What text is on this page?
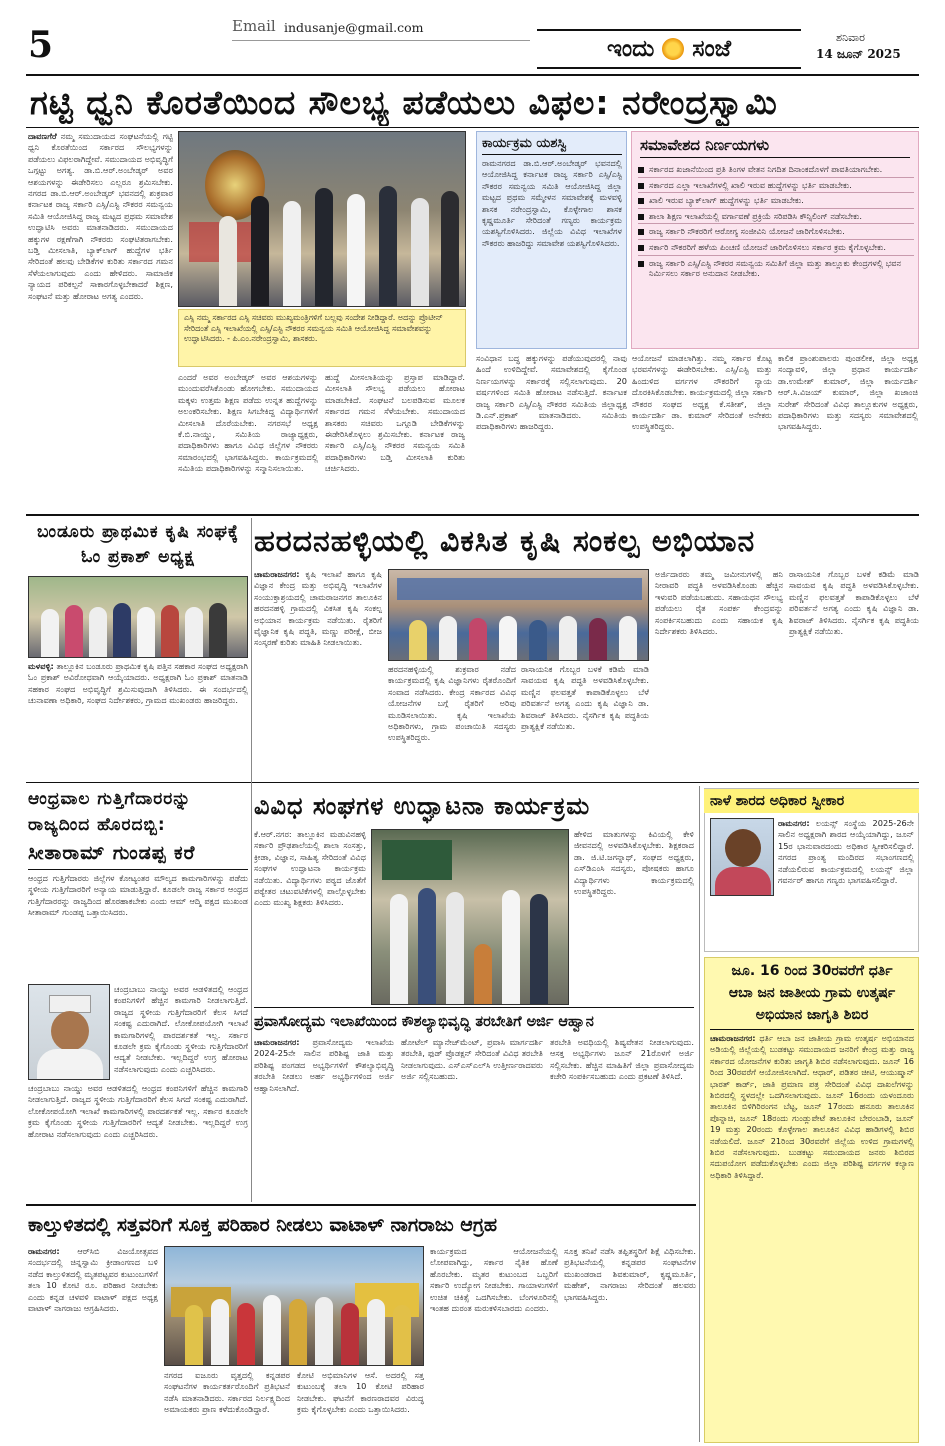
5	Email indusanje@gmail.com
ಇಂದು ಸಂಜೆ	ಶನಿವಾರ
14 ಜೂನ್ 2025
ಗಟ್ಟಿ ಧ್ವನಿ ಕೊರತೆಯಿಂದ ಸೌಲಭ್ಯ ಪಡೆಯಲು ವಿಫಲ: ನರೇಂದ್ರಸ್ವಾಮಿ
ದಾವಣಗೆರೆ ನಮ್ಮ ಸಮುದಾಯದ ಸಂಘಟನೆಯಲ್ಲಿ ಗಟ್ಟಿ ಧ್ವನಿ ಕೊರತೆಯಿಂದ ಸರ್ಕಾರದ ಸೌಲಭ್ಯಗಳನ್ನು ಪಡೆಯಲು ವಿಫಲರಾಗಿದ್ದೇವೆ. ಸಮುದಾಯದ ಅಭಿವೃದ್ಧಿಗೆ ಒಗ್ಗಟ್ಟು ಅಗತ್ಯ. ಡಾ.ಬಿ.ಆರ್.ಅಂಬೇಡ್ಕರ್ ಅವರ ಆಶಯಗಳನ್ನು ಈಡೇರಿಸಲು ಎಲ್ಲರೂ ಶ್ರಮಿಸಬೇಕು. ನಗರದ ಡಾ.ಬಿ.ಆರ್.ಅಂಬೇಡ್ಕರ್ ಭವನದಲ್ಲಿ ಶುಕ್ರವಾರ ಕರ್ನಾಟಕ ರಾಜ್ಯ ಸರ್ಕಾರಿ ಎಸ್ಸಿ/ಎಸ್ಟಿ ನೌಕರರ ಸಮನ್ವಯ ಸಮಿತಿ ಆಯೋಜಿಸಿದ್ದ ರಾಜ್ಯ ಮಟ್ಟದ ಪ್ರಥಮ ಸಮಾವೇಶ ಉದ್ಘಾಟಿಸಿ ಅವರು ಮಾತನಾಡಿದರು. ಸಮುದಾಯದ ಹಕ್ಕುಗಳ ರಕ್ಷಣೆಗಾಗಿ ನೌಕರರು ಸಂಘಟಿತರಾಗಬೇಕು. ಬಡ್ತಿ ಮೀಸಲಾತಿ, ಬ್ಯಾಕ್‌ಲಾಗ್ ಹುದ್ದೆಗಳ ಭರ್ತಿ ಸೇರಿದಂತೆ ಹಲವು ಬೇಡಿಕೆಗಳ ಕುರಿತು ಸರ್ಕಾರದ ಗಮನ ಸೆಳೆಯಲಾಗುವುದು ಎಂದು ಹೇಳಿದರು. ಸಾಮಾಜಿಕ ನ್ಯಾಯದ ಪರಿಕಲ್ಪನೆ ಸಾಕಾರಗೊಳ್ಳಬೇಕಾದರೆ ಶಿಕ್ಷಣ, ಸಂಘಟನೆ ಮತ್ತು ಹೋರಾಟ ಅಗತ್ಯ ಎಂದರು.
ಎಸ್ಸಿ ನಮ್ಮ ಸರ್ಕಾರದ ಎಸ್ಸಿ ಸಚಿವರು ಮುಖ್ಯಮಂತ್ರಿಗಳಿಗೆ ಬಲ್ಲವು ಸಂದೇಶ ನೀಡಿದ್ದಾರೆ. ಅದನ್ನು ಪ್ರೊಟೀನ್ ಸೇರಿದಂತೆ ಎಸ್ಸಿ ಇಲಾಖೆಯಲ್ಲಿ ಎಸ್ಸಿ/ಎಸ್ಟಿ ನೌಕರರ ಸಮನ್ವಯ ಸಮಿತಿ ಆಯೋಜಿಸಿದ್ದ ಸಮಾವೇಶವನ್ನು ಉದ್ಘಾಟಿಸಿದರು. - ಪಿ.ಎಂ.ನರೇಂದ್ರಸ್ವಾಮಿ, ಶಾಸಕರು.
ಎಂದರೆ ಅವರ ಅಂಬೇಡ್ಕರ್ ಅವರ ಆಶಯಗಳನ್ನು ಮುಂದುವರೆಸಿಕೊಂಡು ಹೋಗಬೇಕು. ಸಮುದಾಯದ ಮಕ್ಕಳು ಉತ್ತಮ ಶಿಕ್ಷಣ ಪಡೆದು ಉನ್ನತ ಹುದ್ದೆಗಳನ್ನು ಅಲಂಕರಿಸಬೇಕು. ಶಿಕ್ಷಣ ಸಿಗಬೇಕಿದ್ದ ವಿದ್ಯಾರ್ಥಿಗಳಿಗೆ ಮೀಸಲಾತಿ ದೊರೆಯಬೇಕು. ನಗರಸಭೆ ಅಧ್ಯಕ್ಷ ಕೆ.ಬಿ.ನಾಯ್ಡು, ಸಮಿತಿಯ ರಾಜ್ಯಾಧ್ಯಕ್ಷರು, ಪದಾಧಿಕಾರಿಗಳು ಹಾಗೂ ವಿವಿಧ ಜಿಲ್ಲೆಗಳ ನೌಕರರು ಸಮಾರಂಭದಲ್ಲಿ ಭಾಗವಹಿಸಿದ್ದರು. ಕಾರ್ಯಕ್ರಮದಲ್ಲಿ ಸಮಿತಿಯ ಪದಾಧಿಕಾರಿಗಳನ್ನು ಸನ್ಮಾನಿಸಲಾಯಿತು.
ಹುದ್ದೆ ಮೀಸಲಾತಿಯನ್ನು ಪ್ರಸ್ತಾಪ ಮಾಡಿದ್ದಾರೆ. ಮೀಸಲಾತಿ ಸೌಲಭ್ಯ ಪಡೆಯಲು ಹೋರಾಟ ಮಾಡಬೇಕಿದೆ. ಸಂಘಟನೆ ಬಲಪಡಿಸುವ ಮೂಲಕ ಸರ್ಕಾರದ ಗಮನ ಸೆಳೆಯಬೇಕು. ಸಮುದಾಯದ ಶಾಸಕರು ಸಚಿವರು ಒಗ್ಗೂಡಿ ಬೇಡಿಕೆಗಳನ್ನು ಈಡೇರಿಸಿಕೊಳ್ಳಲು ಶ್ರಮಿಸಬೇಕು. ಕರ್ನಾಟಕ ರಾಜ್ಯ ಸರ್ಕಾರಿ ಎಸ್ಸಿ/ಎಸ್ಟಿ ನೌಕರರ ಸಮನ್ವಯ ಸಮಿತಿ ಪದಾಧಿಕಾರಿಗಳು ಬಡ್ತಿ ಮೀಸಲಾತಿ ಕುರಿತು ಚರ್ಚಿಸಿದರು.
ಕಾರ್ಯಕ್ರಮ ಯಶಸ್ವಿ
ರಾಮನಗರದ ಡಾ.ಬಿ.ಆರ್.ಅಂಬೇಡ್ಕರ್ ಭವನದಲ್ಲಿ ಆಯೋಜಿಸಿದ್ದ ಕರ್ನಾಟಕ ರಾಜ್ಯ ಸರ್ಕಾರಿ ಎಸ್ಸಿ/ಎಸ್ಟಿ ನೌಕರರ ಸಮನ್ವಯ ಸಮಿತಿ ಆಯೋಜಿಸಿದ್ದ ಜಿಲ್ಲಾ ಮಟ್ಟದ ಪ್ರಥಮ ಸಮ್ಮೇಳನ ಸಮಾವೇಶಕ್ಕೆ ಮಳವಳ್ಳಿ ಶಾಸಕ ನರೇಂದ್ರಸ್ವಾಮಿ, ಕೊಳ್ಳೇಗಾಲ ಶಾಸಕ ಕೃಷ್ಣಮೂರ್ತಿ ಸೇರಿದಂತೆ ಗಣ್ಯರು ಕಾರ್ಯಕ್ರಮ ಯಶಸ್ವಿಗೊಳಿಸಿದರು. ಜಿಲ್ಲೆಯ ವಿವಿಧ ಇಲಾಖೆಗಳ ನೌಕರರು ಹಾಜರಿದ್ದು ಸಮಾವೇಶ ಯಶಸ್ವಿಗೊಳಿಸಿದರು.
ಸಮಾವೇಶದ ನಿರ್ಣಯಗಳು
ಸರ್ಕಾರದ ಖಜಾನೆಯಿಂದ ಪ್ರತಿ ತಿಂಗಳ ವೇತನ ನಿಗದಿತ ದಿನಾಂಕದೊಳಗೆ ಪಾವತಿಯಾಗಬೇಕು.
ಸರ್ಕಾರದ ಎಲ್ಲಾ ಇಲಾಖೆಗಳಲ್ಲಿ ಖಾಲಿ ಇರುವ ಹುದ್ದೆಗಳನ್ನು ಭರ್ತಿ ಮಾಡಬೇಕು.
ಖಾಲಿ ಇರುವ ಬ್ಯಾಕ್‌ಲಾಗ್ ಹುದ್ದೆಗಳನ್ನು ಭರ್ತಿ ಮಾಡಬೇಕು.
ಶಾಲಾ ಶಿಕ್ಷಣ ಇಲಾಖೆಯಲ್ಲಿ ವರ್ಗಾವಣೆ ಪ್ರಕ್ರಿಯೆ ಸರಿಪಡಿಸಿ ಕೌನ್ಸಿಲಿಂಗ್ ನಡೆಸಬೇಕು.
ರಾಜ್ಯ ಸರ್ಕಾರಿ ನೌಕರರಿಗೆ ಆರೋಗ್ಯ ಸಂಜೀವಿನಿ ಯೋಜನೆ ಜಾರಿಗೊಳಿಸಬೇಕು.
ಸರ್ಕಾರಿ ನೌಕರರಿಗೆ ಹಳೆಯ ಪಿಂಚಣಿ ಯೋಜನೆ ಜಾರಿಗೊಳಿಸಲು ಸರ್ಕಾರ ಕ್ರಮ ಕೈಗೊಳ್ಳಬೇಕು.
ರಾಜ್ಯ ಸರ್ಕಾರಿ ಎಸ್ಸಿ/ಎಸ್ಟಿ ನೌಕರರ ಸಮನ್ವಯ ಸಮಿತಿಗೆ ಜಿಲ್ಲಾ ಮತ್ತು ತಾಲ್ಲೂಕು ಕೇಂದ್ರಗಳಲ್ಲಿ ಭವನ ನಿರ್ಮಿಸಲು ಸರ್ಕಾರ ಅನುದಾನ ನೀಡಬೇಕು.
ಸಂವಿಧಾನ ಬದ್ಧ ಹಕ್ಕುಗಳನ್ನು ಪಡೆಯುವುದರಲ್ಲಿ ನಾವು ಹಿಂದೆ ಉಳಿದಿದ್ದೇವೆ. ಸಮಾವೇಶದಲ್ಲಿ ಕೈಗೊಂಡ ನಿರ್ಣಯಗಳನ್ನು ಸರ್ಕಾರಕ್ಕೆ ಸಲ್ಲಿಸಲಾಗುವುದು. 20 ವರ್ಷಗಳಿಂದ ಸಮಿತಿ ಹೋರಾಟ ನಡೆಸುತ್ತಿದೆ. ಕರ್ನಾಟಕ ರಾಜ್ಯ ಸರ್ಕಾರಿ ಎಸ್ಸಿ/ಎಸ್ಟಿ ನೌಕರರ ಸಮಿತಿಯ ಜಿಲ್ಲಾಧ್ಯಕ್ಷ ಡಿ.ಎನ್.ಪ್ರಕಾಶ್ ಮಾತನಾಡಿದರು. ಸಮಿತಿಯ ಪದಾಧಿಕಾರಿಗಳು ಹಾಜರಿದ್ದರು.
ಆಯೋಜನೆ ಮಾಡಲಾಗಿತ್ತು. ನಮ್ಮ ಸರ್ಕಾರ ಕೊಟ್ಟ ಭರವಸೆಗಳನ್ನು ಈಡೇರಿಸಬೇಕು. ಎಸ್ಸಿ/ಎಸ್ಟಿ ಮತ್ತು ಹಿಂದುಳಿದ ವರ್ಗಗಳ ನೌಕರರಿಗೆ ನ್ಯಾಯ ದೊರಕಿಸಿಕೊಡಬೇಕು. ಕಾರ್ಯಕ್ರಮದಲ್ಲಿ ಜಿಲ್ಲಾ ಸರ್ಕಾರಿ ನೌಕರರ ಸಂಘದ ಅಧ್ಯಕ್ಷ ಕೆ.ಸತೀಶ್, ಜಿಲ್ಲಾ ಕಾರ್ಯದರ್ಶಿ ಡಾ. ಕುಮಾರ್ ಸೇರಿದಂತೆ ಅನೇಕರು ಉಪಸ್ಥಿತರಿದ್ದರು.
ಕಾಲಿಕ ಪ್ರಾಂಶುಪಾಲರು ಪುಂಡಲೀಕ, ಜಿಲ್ಲಾ ಅಧ್ಯಕ್ಷ ಸಂದ್ಯಾವಳಿ, ಜಿಲ್ಲಾ ಪ್ರಧಾನ ಕಾರ್ಯದರ್ಶಿ ಡಾ.ಉಮೇಶ್ ಕುಮಾರ್, ಜಿಲ್ಲಾ ಕಾರ್ಯದರ್ಶಿ ಆರ್.ಸಿ.ವಿಜಯ್ ಕುಮಾರ್, ಜಿಲ್ಲಾ ಖಜಾಂಚಿ ಸುರೇಶ್ ಸೇರಿದಂತೆ ವಿವಿಧ ತಾಲ್ಲೂಕುಗಳ ಅಧ್ಯಕ್ಷರು, ಪದಾಧಿಕಾರಿಗಳು ಮತ್ತು ಸದಸ್ಯರು ಸಮಾವೇಶದಲ್ಲಿ ಭಾಗವಹಿಸಿದ್ದರು.
ಬಂಡೂರು ಪ್ರಾಥಮಿಕ ಕೃಷಿ ಸಂಘಕ್ಕೆ ಓಂ ಪ್ರಕಾಶ್ ಅಧ್ಯಕ್ಷ
ಮಳವಳ್ಳಿ: ತಾಲ್ಲೂಕಿನ ಬಂಡೂರು ಪ್ರಾಥಮಿಕ ಕೃಷಿ ಪತ್ತಿನ ಸಹಕಾರ ಸಂಘದ ಅಧ್ಯಕ್ಷರಾಗಿ ಓಂ ಪ್ರಕಾಶ್ ಅವಿರೋಧವಾಗಿ ಆಯ್ಕೆಯಾದರು. ಅಧ್ಯಕ್ಷರಾಗಿ ಓಂ ಪ್ರಕಾಶ್ ಮಾತನಾಡಿ ಸಹಕಾರ ಸಂಘದ ಅಭಿವೃದ್ಧಿಗೆ ಶ್ರಮಿಸುವುದಾಗಿ ತಿಳಿಸಿದರು. ಈ ಸಂದರ್ಭದಲ್ಲಿ ಚುನಾವಣಾ ಅಧಿಕಾರಿ, ಸಂಘದ ನಿರ್ದೇಶಕರು, ಗ್ರಾಮದ ಮುಖಂಡರು ಹಾಜರಿದ್ದರು.
ಹರದನಹಳ್ಳಿಯಲ್ಲಿ ವಿಕಸಿತ ಕೃಷಿ ಸಂಕಲ್ಪ ಅಭಿಯಾನ
ಚಾಮರಾಜನಗರ: ಕೃಷಿ ಇಲಾಖೆ ಹಾಗೂ ಕೃಷಿ ವಿಜ್ಞಾನ ಕೇಂದ್ರ ಮತ್ತು ಅಭಿವೃದ್ಧಿ ಇಲಾಖೆಗಳ ಸಂಯುಕ್ತಾಶ್ರಯದಲ್ಲಿ ಚಾಮರಾಜನಗರ ತಾಲೂಕಿನ ಹರದನಹಳ್ಳಿ ಗ್ರಾಮದಲ್ಲಿ ವಿಕಸಿತ ಕೃಷಿ ಸಂಕಲ್ಪ ಅಭಿಯಾನ ಕಾರ್ಯಕ್ರಮ ನಡೆಯಿತು. ರೈತರಿಗೆ ವೈಜ್ಞಾನಿಕ ಕೃಷಿ ಪದ್ಧತಿ, ಮಣ್ಣು ಪರೀಕ್ಷೆ, ಬೀಜ ಸಂಸ್ಕರಣೆ ಕುರಿತು ಮಾಹಿತಿ ನೀಡಲಾಯಿತು.
ಹರದನಹಳ್ಳಿಯಲ್ಲಿ ಶುಕ್ರವಾರ ನಡೆದ ಕಾರ್ಯಕ್ರಮದಲ್ಲಿ ಕೃಷಿ ವಿಜ್ಞಾನಿಗಳು ರೈತರೊಂದಿಗೆ ಸಂವಾದ ನಡೆಸಿದರು. ಕೇಂದ್ರ ಸರ್ಕಾರದ ವಿವಿಧ ಯೋಜನೆಗಳ ಬಗ್ಗೆ ರೈತರಿಗೆ ಅರಿವು ಮೂಡಿಸಲಾಯಿತು. ಕೃಷಿ ಇಲಾಖೆಯ ಅಧಿಕಾರಿಗಳು, ಗ್ರಾಮ ಪಂಚಾಯಿತಿ ಸದಸ್ಯರು ಉಪಸ್ಥಿತರಿದ್ದರು.
ರಾಸಾಯನಿಕ ಗೊಬ್ಬರ ಬಳಕೆ ಕಡಿಮೆ ಮಾಡಿ ಸಾವಯವ ಕೃಷಿ ಪದ್ಧತಿ ಅಳವಡಿಸಿಕೊಳ್ಳಬೇಕು. ಮಣ್ಣಿನ ಫಲವತ್ತತೆ ಕಾಪಾಡಿಕೊಳ್ಳಲು ಬೆಳೆ ಪರಿವರ್ತನೆ ಅಗತ್ಯ ಎಂದು ಕೃಷಿ ವಿಜ್ಞಾನಿ ಡಾ. ಶಿವರಾಜ್ ತಿಳಿಸಿದರು. ನೈಸರ್ಗಿಕ ಕೃಷಿ ಪದ್ಧತಿಯ ಪ್ರಾತ್ಯಕ್ಷಿಕೆ ನಡೆಯಿತು.
ಅರ್ಜಿದಾರರು ತಮ್ಮ ಜಮೀನುಗಳಲ್ಲಿ ಹನಿ ನೀರಾವರಿ ಪದ್ಧತಿ ಅಳವಡಿಸಿಕೊಂಡು ಹೆಚ್ಚಿನ ಇಳುವರಿ ಪಡೆಯಬಹುದು. ಸಹಾಯಧನ ಸೌಲಭ್ಯ ಪಡೆಯಲು ರೈತ ಸಂಪರ್ಕ ಕೇಂದ್ರವನ್ನು ಸಂಪರ್ಕಿಸಬಹುದು ಎಂದು ಸಹಾಯಕ ಕೃಷಿ ನಿರ್ದೇಶಕರು ತಿಳಿಸಿದರು.
ರಾಸಾಯನಿಕ ಗೊಬ್ಬರ ಬಳಕೆ ಕಡಿಮೆ ಮಾಡಿ ಸಾವಯವ ಕೃಷಿ ಪದ್ಧತಿ ಅಳವಡಿಸಿಕೊಳ್ಳಬೇಕು. ಮಣ್ಣಿನ ಫಲವತ್ತತೆ ಕಾಪಾಡಿಕೊಳ್ಳಲು ಬೆಳೆ ಪರಿವರ್ತನೆ ಅಗತ್ಯ ಎಂದು ಕೃಷಿ ವಿಜ್ಞಾನಿ ಡಾ. ಶಿವರಾಜ್ ತಿಳಿಸಿದರು. ನೈಸರ್ಗಿಕ ಕೃಷಿ ಪದ್ಧತಿಯ ಪ್ರಾತ್ಯಕ್ಷಿಕೆ ನಡೆಯಿತು.
ಆಂಧ್ರವಾಲ ಗುತ್ತಿಗೆದಾರರನ್ನು
ರಾಜ್ಯದಿಂದ ಹೊರದಬ್ಬಿ:
ಸೀತಾರಾಮ್ ಗುಂಡಪ್ಪ ಕರೆ
ಆಂಧ್ರದ ಗುತ್ತಿಗೆದಾರರು ಜಿಲ್ಲೆಗಳ ಕೋಟ್ಯಂತರ ಮೌಲ್ಯದ ಕಾಮಗಾರಿಗಳನ್ನು ಪಡೆದು ಸ್ಥಳೀಯ ಗುತ್ತಿಗೆದಾರರಿಗೆ ಅನ್ಯಾಯ ಮಾಡುತ್ತಿದ್ದಾರೆ. ಕೂಡಲೇ ರಾಜ್ಯ ಸರ್ಕಾರ ಆಂಧ್ರದ ಗುತ್ತಿಗೆದಾರರನ್ನು ರಾಜ್ಯದಿಂದ ಹೊರಹಾಕಬೇಕು ಎಂದು ಆಮ್ ಆದ್ಮಿ ಪಕ್ಷದ ಮುಖಂಡ ಸೀತಾರಾಮ್ ಗುಂಡಪ್ಪ ಒತ್ತಾಯಿಸಿದರು.
ಚಂದ್ರಬಾಬು ನಾಯ್ಡು ಅವರ ಆಡಳಿತದಲ್ಲಿ ಆಂಧ್ರದ ಕಂಪನಿಗಳಿಗೆ ಹೆಚ್ಚಿನ ಕಾಮಗಾರಿ ನೀಡಲಾಗುತ್ತಿದೆ. ರಾಜ್ಯದ ಸ್ಥಳೀಯ ಗುತ್ತಿಗೆದಾರರಿಗೆ ಕೆಲಸ ಸಿಗದೆ ಸಂಕಷ್ಟ ಎದುರಾಗಿದೆ. ಲೋಕೋಪಯೋಗಿ ಇಲಾಖೆ ಕಾಮಗಾರಿಗಳಲ್ಲಿ ಪಾರದರ್ಶಕತೆ ಇಲ್ಲ. ಸರ್ಕಾರ ಕೂಡಲೇ ಕ್ರಮ ಕೈಗೊಂಡು ಸ್ಥಳೀಯ ಗುತ್ತಿಗೆದಾರರಿಗೆ ಆದ್ಯತೆ ನೀಡಬೇಕು. ಇಲ್ಲದಿದ್ದರೆ ಉಗ್ರ ಹೋರಾಟ ನಡೆಸಲಾಗುವುದು ಎಂದು ಎಚ್ಚರಿಸಿದರು.
ಚಂದ್ರಬಾಬು ನಾಯ್ಡು ಅವರ ಆಡಳಿತದಲ್ಲಿ ಆಂಧ್ರದ ಕಂಪನಿಗಳಿಗೆ ಹೆಚ್ಚಿನ ಕಾಮಗಾರಿ ನೀಡಲಾಗುತ್ತಿದೆ. ರಾಜ್ಯದ ಸ್ಥಳೀಯ ಗುತ್ತಿಗೆದಾರರಿಗೆ ಕೆಲಸ ಸಿಗದೆ ಸಂಕಷ್ಟ ಎದುರಾಗಿದೆ. ಲೋಕೋಪಯೋಗಿ ಇಲಾಖೆ ಕಾಮಗಾರಿಗಳಲ್ಲಿ ಪಾರದರ್ಶಕತೆ ಇಲ್ಲ. ಸರ್ಕಾರ ಕೂಡಲೇ ಕ್ರಮ ಕೈಗೊಂಡು ಸ್ಥಳೀಯ ಗುತ್ತಿಗೆದಾರರಿಗೆ ಆದ್ಯತೆ ನೀಡಬೇಕು. ಇಲ್ಲದಿದ್ದರೆ ಉಗ್ರ ಹೋರಾಟ ನಡೆಸಲಾಗುವುದು ಎಂದು ಎಚ್ಚರಿಸಿದರು.
ವಿವಿಧ ಸಂಘಗಳ ಉದ್ಘಾಟನಾ ಕಾರ್ಯಕ್ರಮ
ಕೆ.ಆರ್.ನಗರ: ತಾಲ್ಲೂಕಿನ ಮಡುವಿನಹಳ್ಳಿ ಸರ್ಕಾರಿ ಪ್ರೌಢಶಾಲೆಯಲ್ಲಿ ಶಾಲಾ ಸಂಸತ್ತು, ಕ್ರೀಡಾ, ವಿಜ್ಞಾನ, ಸಾಹಿತ್ಯ ಸೇರಿದಂತೆ ವಿವಿಧ ಸಂಘಗಳ ಉದ್ಘಾಟನಾ ಕಾರ್ಯಕ್ರಮ ನಡೆಯಿತು. ವಿದ್ಯಾರ್ಥಿಗಳು ಪಠ್ಯದ ಜೊತೆಗೆ ಪಠ್ಯೇತರ ಚಟುವಟಿಕೆಗಳಲ್ಲಿ ಪಾಲ್ಗೊಳ್ಳಬೇಕು ಎಂದು ಮುಖ್ಯ ಶಿಕ್ಷಕರು ತಿಳಿಸಿದರು.
ಹೇಳಿದ ಮಾತುಗಳನ್ನು ಕಿವಿಯಲ್ಲಿ ಕೇಳಿ ಜೀವನದಲ್ಲಿ ಅಳವಡಿಸಿಕೊಳ್ಳಬೇಕು. ಶಿಕ್ಷಕರಾದ ಡಾ. ಜಿ.ಟಿ.ಜಗನ್ನಾಥ್, ಸಂಘದ ಅಧ್ಯಕ್ಷರು, ಎಸ್‌ಡಿಎಂಸಿ ಸದಸ್ಯರು, ಪೋಷಕರು ಹಾಗೂ ವಿದ್ಯಾರ್ಥಿಗಳು ಕಾರ್ಯಕ್ರಮದಲ್ಲಿ ಉಪಸ್ಥಿತರಿದ್ದರು.
ಪ್ರವಾಸೋದ್ಯಮ ಇಲಾಖೆಯಿಂದ ಕೌಶಲ್ಯಾಭಿವೃದ್ಧಿ ತರಬೇತಿಗೆ ಅರ್ಜಿ ಆಹ್ವಾನ
ಚಾಮರಾಜನಗರ: ಪ್ರವಾಸೋದ್ಯಮ ಇಲಾಖೆಯ 2024-25ನೇ ಸಾಲಿನ ಪರಿಶಿಷ್ಟ ಜಾತಿ ಮತ್ತು ಪರಿಶಿಷ್ಟ ಪಂಗಡದ ಅಭ್ಯರ್ಥಿಗಳಿಗೆ ಕೌಶಲ್ಯಾಭಿವೃದ್ಧಿ ತರಬೇತಿ ನೀಡಲು ಅರ್ಹ ಅಭ್ಯರ್ಥಿಗಳಿಂದ ಅರ್ಜಿ ಆಹ್ವಾನಿಸಲಾಗಿದೆ.
ಹೋಟೆಲ್ ಮ್ಯಾನೇಜ್‌ಮೆಂಟ್, ಪ್ರವಾಸಿ ಮಾರ್ಗದರ್ಶಿ ತರಬೇತಿ, ಫುಡ್ ಪ್ರೊಡಕ್ಷನ್ ಸೇರಿದಂತೆ ವಿವಿಧ ತರಬೇತಿ ನೀಡಲಾಗುವುದು. ಎಸ್‌ಎಸ್‌ಎಲ್‌ಸಿ ಉತ್ತೀರ್ಣರಾದವರು ಅರ್ಜಿ ಸಲ್ಲಿಸಬಹುದು.
ತರಬೇತಿ ಅವಧಿಯಲ್ಲಿ ಶಿಷ್ಯವೇತನ ನೀಡಲಾಗುವುದು. ಆಸಕ್ತ ಅಭ್ಯರ್ಥಿಗಳು ಜೂನ್ 21ರೊಳಗೆ ಅರ್ಜಿ ಸಲ್ಲಿಸಬೇಕು. ಹೆಚ್ಚಿನ ಮಾಹಿತಿಗೆ ಜಿಲ್ಲಾ ಪ್ರವಾಸೋದ್ಯಮ ಕಚೇರಿ ಸಂಪರ್ಕಿಸಬಹುದು ಎಂದು ಪ್ರಕಟಣೆ ತಿಳಿಸಿದೆ.
ನಾಳೆ ಶಾರದ ಅಧಿಕಾರ ಸ್ವೀಕಾರ
ರಾಮನಗರ: ಲಯನ್ಸ್ ಸಂಸ್ಥೆಯ 2025-26ನೇ ಸಾಲಿನ ಅಧ್ಯಕ್ಷರಾಗಿ ಶಾರದ ಆಯ್ಕೆಯಾಗಿದ್ದು, ಜೂನ್ 15ರ ಭಾನುವಾರದಂದು ಅಧಿಕಾರ ಸ್ವೀಕರಿಸಲಿದ್ದಾರೆ. ನಗರದ ಪ್ರಾಂತ್ಯ ಮಂದಿರದ ಸಭಾಂಗಣದಲ್ಲಿ ನಡೆಯಲಿರುವ ಕಾರ್ಯಕ್ರಮದಲ್ಲಿ ಲಯನ್ಸ್ ಜಿಲ್ಲಾ ಗವರ್ನರ್ ಹಾಗೂ ಗಣ್ಯರು ಭಾಗವಹಿಸಲಿದ್ದಾರೆ.
ಜೂ. 16 ರಿಂದ 30ರವರೆಗೆ ಧರ್ತಿ
ಆಬಾ ಜನ ಜಾತೀಯ ಗ್ರಾಮ ಉತ್ಕರ್ಷ
ಅಭಿಯಾನ ಜಾಗೃತಿ ಶಿಬಿರ
ಚಾಮರಾಜನಗರ: ಧರ್ತಿ ಆಬಾ ಜನ ಜಾತೀಯ ಗ್ರಾಮ ಉತ್ಕರ್ಷ ಅಭಿಯಾನದ ಅಡಿಯಲ್ಲಿ ಜಿಲ್ಲೆಯಲ್ಲಿ ಬುಡಕಟ್ಟು ಸಮುದಾಯದ ಜನರಿಗೆ ಕೇಂದ್ರ ಮತ್ತು ರಾಜ್ಯ ಸರ್ಕಾರದ ಯೋಜನೆಗಳ ಕುರಿತು ಜಾಗೃತಿ ಶಿಬಿರ ನಡೆಸಲಾಗುವುದು. ಜೂನ್ 16 ರಿಂದ 30ರವರೆಗೆ ಆಯೋಜಿಸಲಾಗಿದೆ. ಆಧಾರ್, ಪಡಿತರ ಚೀಟಿ, ಆಯುಷ್ಮಾನ್ ಭಾರತ್ ಕಾರ್ಡ್, ಜಾತಿ ಪ್ರಮಾಣ ಪತ್ರ ಸೇರಿದಂತೆ ವಿವಿಧ ದಾಖಲೆಗಳನ್ನು ಶಿಬಿರದಲ್ಲಿ ಸ್ಥಳದಲ್ಲೇ ಒದಗಿಸಲಾಗುವುದು. ಜೂನ್ 16ರಂದು ಯಳಂದೂರು ತಾಲೂಕಿನ ಬಿಳಿಗಿರಿರಂಗನ ಬೆಟ್ಟ, ಜೂನ್ 17ರಂದು ಹನೂರು ತಾಲೂಕಿನ ಪೊನ್ನಾಚಿ, ಜೂನ್ 18ರಂದು ಗುಂಡ್ಲುಪೇಟೆ ತಾಲೂಕಿನ ಬೇರಂಬಾಡಿ, ಜೂನ್ 19 ಮತ್ತು 20ರಂದು ಕೊಳ್ಳೇಗಾಲ ತಾಲೂಕಿನ ವಿವಿಧ ಹಾಡಿಗಳಲ್ಲಿ ಶಿಬಿರ ನಡೆಯಲಿದೆ. ಜೂನ್ 21ರಿಂದ 30ರವರೆಗೆ ಜಿಲ್ಲೆಯ ಉಳಿದ ಗ್ರಾಮಗಳಲ್ಲಿ ಶಿಬಿರ ನಡೆಸಲಾಗುವುದು. ಬುಡಕಟ್ಟು ಸಮುದಾಯದ ಜನರು ಶಿಬಿರದ ಸದುಪಯೋಗ ಪಡೆದುಕೊಳ್ಳಬೇಕು ಎಂದು ಜಿಲ್ಲಾ ಪರಿಶಿಷ್ಟ ವರ್ಗಗಳ ಕಲ್ಯಾಣ ಅಧಿಕಾರಿ ತಿಳಿಸಿದ್ದಾರೆ.
ಕಾಲ್ತುಳಿತದಲ್ಲಿ ಸತ್ತವರಿಗೆ ಸೂಕ್ತ ಪರಿಹಾರ ನೀಡಲು ವಾಟಾಳ್ ನಾಗರಾಜು ಆಗ್ರಹ
ರಾಮನಗರ: ಆರ್‌ಸಿಬಿ ವಿಜಯೋತ್ಸವದ ಸಂದರ್ಭದಲ್ಲಿ ಚಿನ್ನಸ್ವಾಮಿ ಕ್ರೀಡಾಂಗಣದ ಬಳಿ ನಡೆದ ಕಾಲ್ತುಳಿತದಲ್ಲಿ ಮೃತಪಟ್ಟವರ ಕುಟುಂಬಗಳಿಗೆ ತಲಾ 10 ಕೋಟಿ ರೂ. ಪರಿಹಾರ ನೀಡಬೇಕು ಎಂದು ಕನ್ನಡ ಚಳವಳಿ ವಾಟಾಳ್ ಪಕ್ಷದ ಅಧ್ಯಕ್ಷ ವಾಟಾಳ್ ನಾಗರಾಜು ಆಗ್ರಹಿಸಿದರು.
ನಗರದ ಐಜೂರು ವೃತ್ತದಲ್ಲಿ ಕನ್ನಡಪರ ಸಂಘಟನೆಗಳ ಕಾರ್ಯಕರ್ತರೊಂದಿಗೆ ಪ್ರತಿಭಟನೆ ನಡೆಸಿ ಮಾತನಾಡಿದರು. ಸರ್ಕಾರದ ನಿರ್ಲಕ್ಷ್ಯದಿಂದ ಅಮಾಯಕರು ಪ್ರಾಣ ಕಳೆದುಕೊಂಡಿದ್ದಾರೆ.
ಕೋಟಿ ಅಭಿಮಾನಿಗಳ ಆಸೆ. ಅದರಲ್ಲಿ ಸತ್ತ ಕುಟುಂಬಕ್ಕೆ ತಲಾ 10 ಕೋಟಿ ಪರಿಹಾರ ನೀಡಬೇಕು. ಘಟನೆಗೆ ಕಾರಣರಾದವರ ವಿರುದ್ಧ ಕ್ರಮ ಕೈಗೊಳ್ಳಬೇಕು ಎಂದು ಒತ್ತಾಯಿಸಿದರು.
ಕಾರ್ಯಕ್ರಮದ ಆಯೋಜನೆಯಲ್ಲಿ ಲೋಪವಾಗಿದ್ದು, ಸರ್ಕಾರ ನೈತಿಕ ಹೊಣೆ ಹೊರಬೇಕು. ಮೃತರ ಕುಟುಂಬದ ಒಬ್ಬರಿಗೆ ಸರ್ಕಾರಿ ಉದ್ಯೋಗ ನೀಡಬೇಕು. ಗಾಯಾಳುಗಳಿಗೆ ಉಚಿತ ಚಿಕಿತ್ಸೆ ಒದಗಿಸಬೇಕು. ಬೆಂಗಳೂರಿನಲ್ಲಿ ಇಂತಹ ದುರಂತ ಮರುಕಳಿಸಬಾರದು ಎಂದರು.
ಸೂಕ್ತ ತನಿಖೆ ನಡೆಸಿ ತಪ್ಪಿತಸ್ಥರಿಗೆ ಶಿಕ್ಷೆ ವಿಧಿಸಬೇಕು. ಪ್ರತಿಭಟನೆಯಲ್ಲಿ ಕನ್ನಡಪರ ಸಂಘಟನೆಗಳ ಮುಖಂಡರಾದ ಶಿವಕುಮಾರ್, ಕೃಷ್ಣಮೂರ್ತಿ, ಮಹೇಶ್, ನಾಗರಾಜು ಸೇರಿದಂತೆ ಹಲವರು ಭಾಗವಹಿಸಿದ್ದರು.
